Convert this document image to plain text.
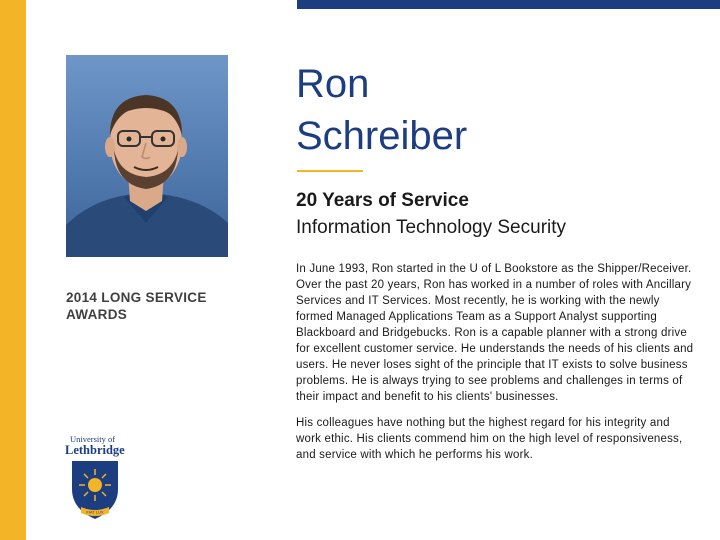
2014 LONG SERVICE AWARDS
University of
Lethbridge
FIAT LUX
Ron
Schreiber
20 Years of Service
Information Technology Security

In June 1993, Ron started in the U of L Bookstore as the Shipper/Receiver. Over the past 20 years, Ron has worked in a number of roles with Ancillary Services and IT Services. Most recently, he is working with the newly formed Managed Applications Team as a Support Analyst supporting Blackboard and Bridgebucks. Ron is a capable planner with a strong drive for excellent customer service. He understands the needs of his clients and users. He never loses sight of the principle that IT exists to solve business problems. He is always trying to see problems and challenges in terms of their impact and benefit to his clients' businesses.

His colleagues have nothing but the highest regard for his integrity and work ethic. His clients commend him on the high level of responsiveness, and service with which he performs his work.
